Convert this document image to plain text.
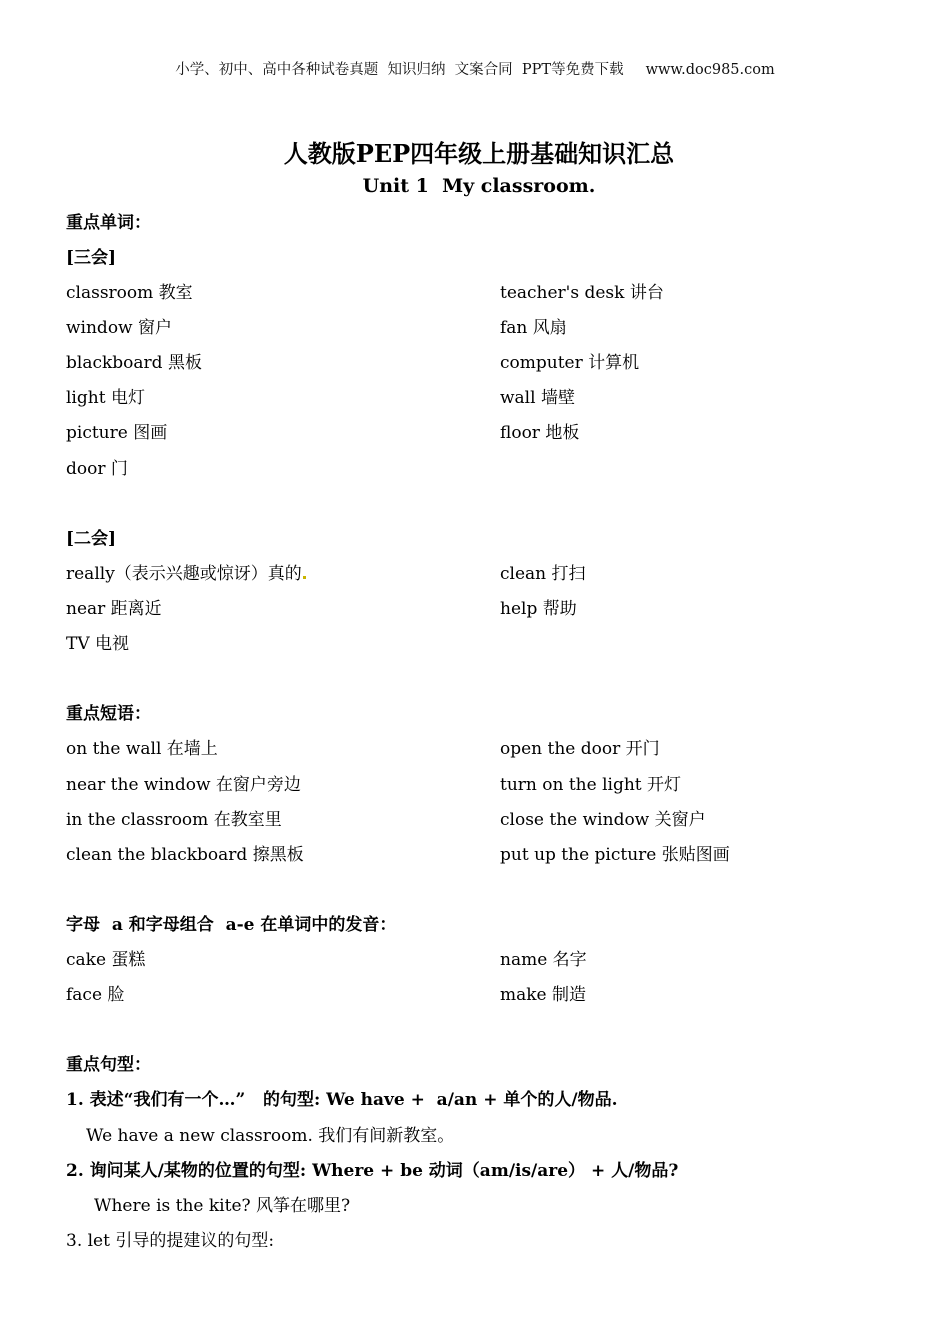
小学、初中、高中各种试卷真题  知识归纳  文案合同  PPT等免费下载 www.doc985.com
人教版PEP四年级上册基础知识汇总
Unit 1  My classroom.
重点单词：
[三会]
classroom 教室	teacher's desk 讲台
window 窗户	fan 风扇
blackboard 黑板	computer 计算机
light 电灯	wall 墙壁
picture 图画	floor 地板
door 门
[二会]
really（表示兴趣或惊讶）真的	clean 打扫
near 距离近	help 帮助
TV 电视
重点短语：
on the wall 在墙上	open the door 开门
near the window 在窗户旁边	turn on the light 开灯
in the classroom 在教室里	close the window 关窗户
clean the blackboard 擦黑板	put up the picture 张贴图画
字母  a 和字母组合  a-e 在单词中的发音：
cake 蛋糕	name 名字
face 脸	make 制造
重点句型：
1. 表述“我们有一个…”   的句型: We have +  a/an + 单个的人/物品.
We have a new classroom. 我们有间新教室。
2. 询问某人/某物的位置的句型: Where + be 动词（am/is/are） + 人/物品?
Where is the kite? 风筝在哪里?
3. let 引导的提建议的句型:
